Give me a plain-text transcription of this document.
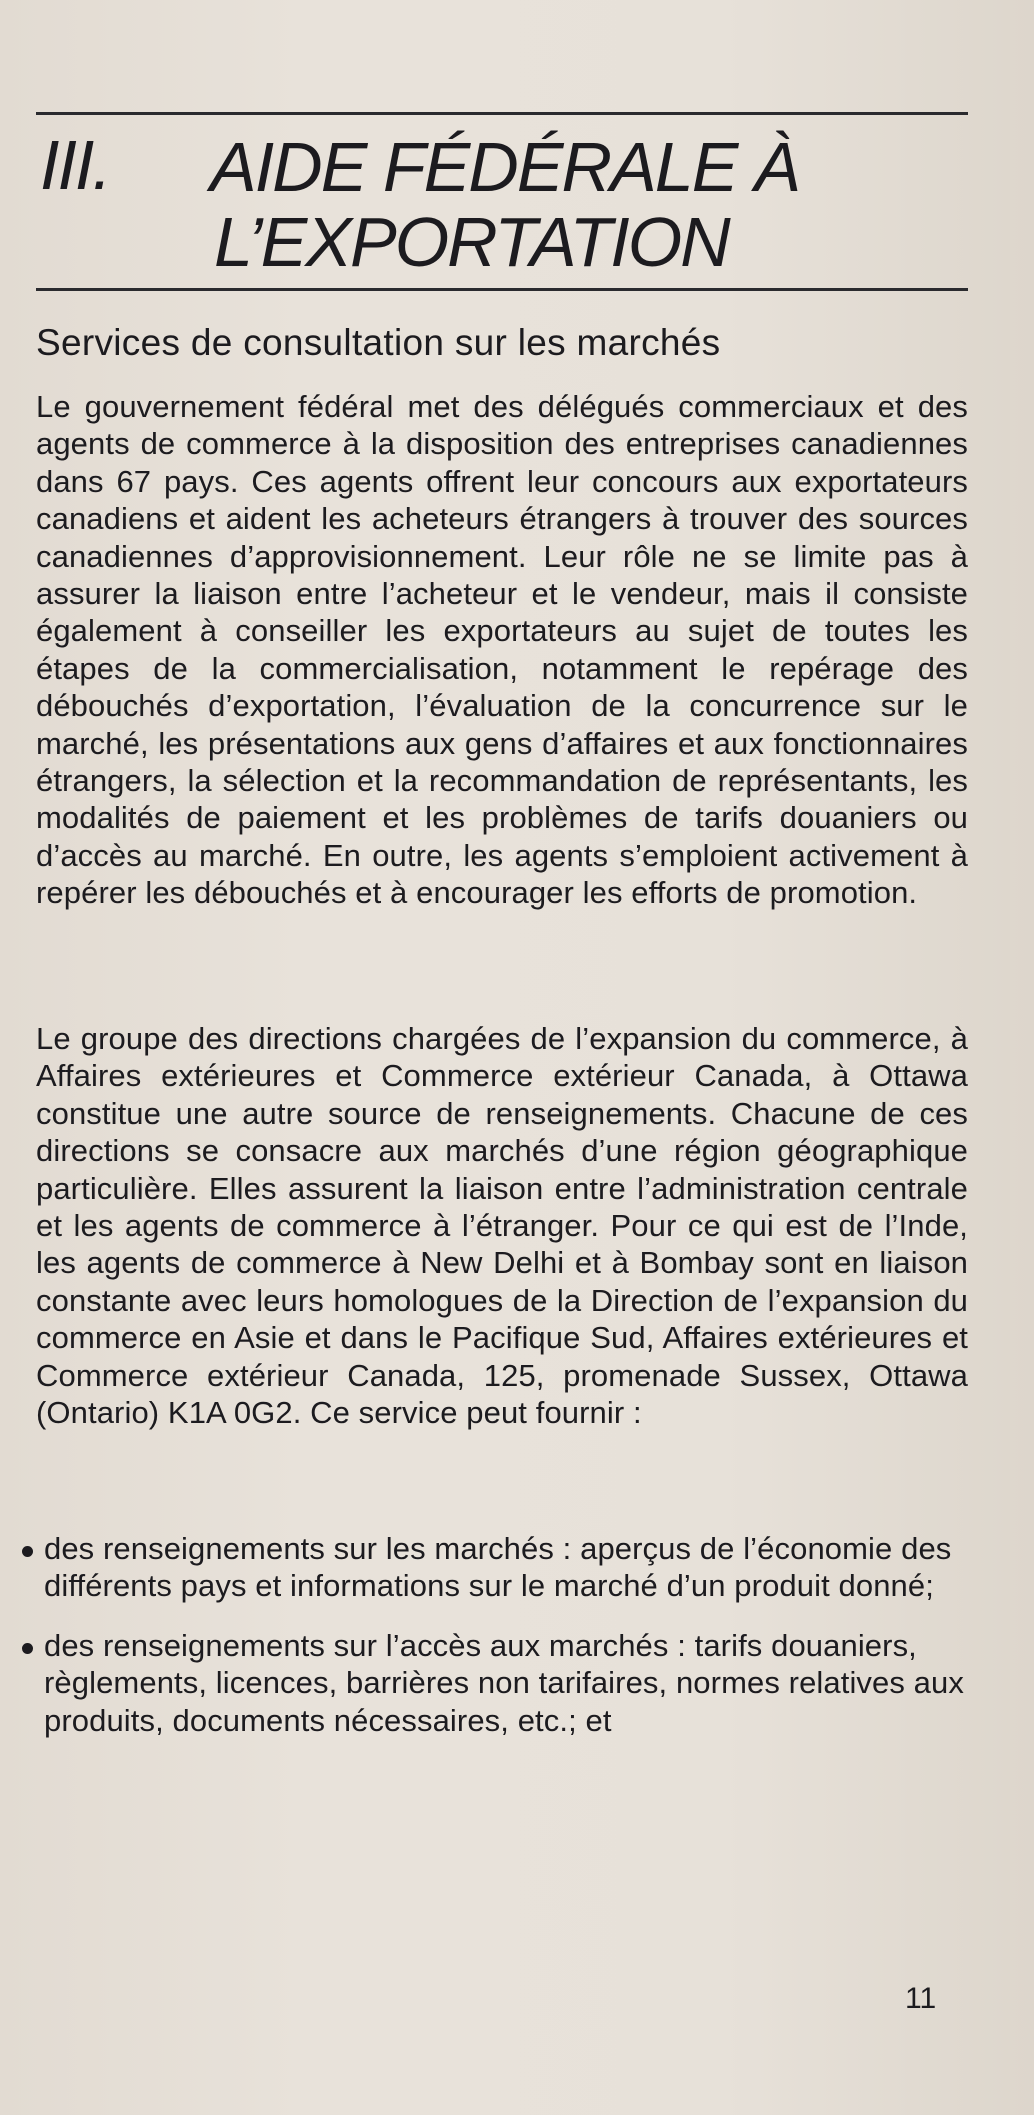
III. AIDE FÉDÉRALE À
L’EXPORTATION
Services de consultation sur les marchés

Le gouvernement fédéral met des délégués commerciaux et des agents de commerce à la disposition des entreprises canadiennes dans 67 pays. Ces agents offrent leur concours aux exportateurs canadiens et aident les acheteurs étrangers à trouver des sources canadiennes d’approvisionnement. Leur rôle ne se limite pas à assurer la liaison entre l’acheteur et le vendeur, mais il consiste également à conseiller les exportateurs au sujet de toutes les étapes de la commercialisation, notamment le repérage des débouchés d’exportation, l’évaluation de la concurrence sur le marché, les présentations aux gens d’affaires et aux fonctionnaires étrangers, la sélection et la recommandation de représentants, les modalités de paiement et les problèmes de tarifs douaniers ou d’accès au marché. En outre, les agents s’emploient activement à repérer les débouchés et à encourager les efforts de promotion.

Le groupe des directions chargées de l’expansion du commerce, à Affaires extérieures et Commerce extérieur Canada, à Ottawa constitue une autre source de renseignements. Chacune de ces directions se consacre aux marchés d’une région géographique particulière. Elles assurent la liaison entre l’administration centrale et les agents de commerce à l’étranger. Pour ce qui est de l’Inde, les agents de commerce à New Delhi et à Bombay sont en liaison constante avec leurs homologues de la Direction de l’expansion du commerce en Asie et dans le Pacifique Sud, Affaires extérieures et Commerce extérieur Canada, 125, promenade Sussex, Ottawa (Ontario) K1A 0G2. Ce service peut fournir :

des renseignements sur les marchés : aperçus de l’économie des différents pays et informations sur le marché d’un produit donné;
des renseignements sur l’accès aux marchés : tarifs douaniers, règlements, licences, barrières non tarifaires, normes relatives aux produits, documents nécessaires, etc.; et
11
